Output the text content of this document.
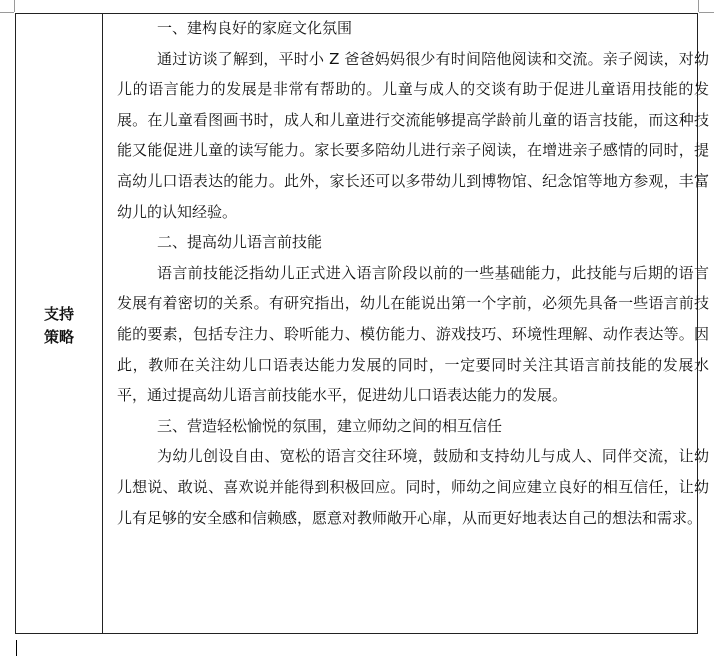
支持策略
一、建构良好的家庭文化氛围
通过访谈了解到，平时小 Z 爸爸妈妈很少有时间陪他阅读和交流。亲子阅读，对幼儿的语言能力的发展是非常有帮助的。儿童与成人的交谈有助于促进儿童语用技能的发展。在儿童看图画书时，成人和儿童进行交流能够提高学龄前儿童的语言技能，而这种技能又能促进儿童的读写能力。家长要多陪幼儿进行亲子阅读，在增进亲子感情的同时，提高幼儿口语表达的能力。此外，家长还可以多带幼儿到博物馆、纪念馆等地方参观，丰富幼儿的认知经验。
二、提高幼儿语言前技能
语言前技能泛指幼儿正式进入语言阶段以前的一些基础能力，此技能与后期的语言发展有着密切的关系。有研究指出，幼儿在能说出第一个字前，必须先具备一些语言前技能的要素，包括专注力、聆听能力、模仿能力、游戏技巧、环境性理解、动作表达等。因此，教师在关注幼儿口语表达能力发展的同时，一定要同时关注其语言前技能的发展水平，通过提高幼儿语言前技能水平，促进幼儿口语表达能力的发展。
三、营造轻松愉悦的氛围，建立师幼之间的相互信任
为幼儿创设自由、宽松的语言交往环境，鼓励和支持幼儿与成人、同伴交流，让幼儿想说、敢说、喜欢说并能得到积极回应。同时，师幼之间应建立良好的相互信任，让幼儿有足够的安全感和信赖感，愿意对教师敞开心扉，从而更好地表达自己的想法和需求。
